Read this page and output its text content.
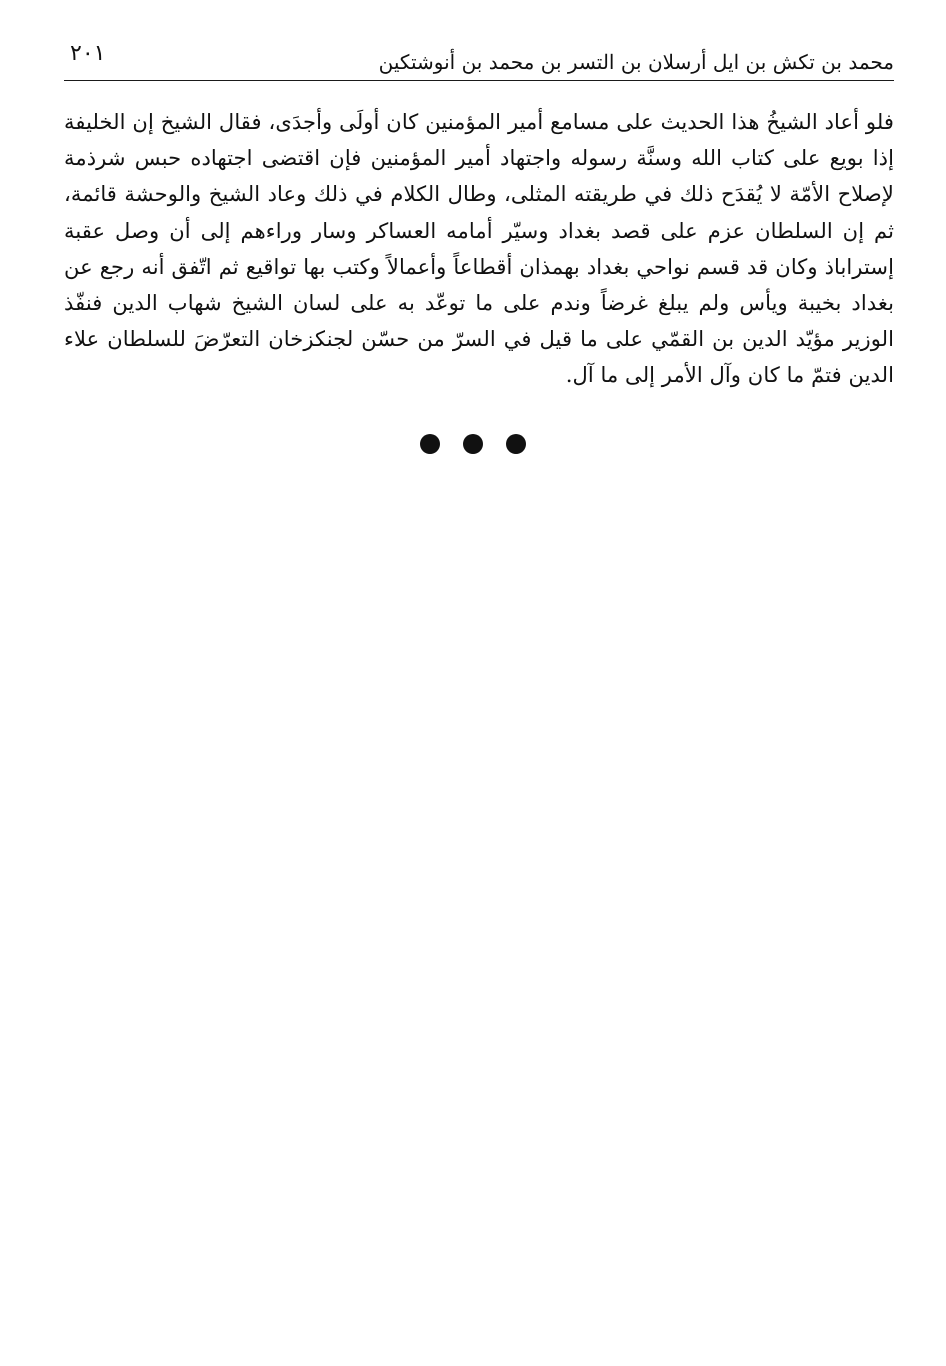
محمد بن تكش بن ايل أرسلان بن التسر بن محمد بن أنوشتكين
٢٠١

فلو أعاد الشيخُ هذا الحديث على مسامع أمير المؤمنين كان أولَى وأجدَى، فقال الشيخ إن الخليفة إذا بويع على كتاب الله وسنَّة رسوله واجتهاد أمير المؤمنين فإن اقتضى اجتهاده حبس شرذمة لإصلاح الأمّة لا يُقدَح ذلك في طريقته المثلى، وطال الكلام في ذلك وعاد الشيخ والوحشة قائمة، ثم إن السلطان عزم على قصد بغداد وسيّر أمامه العساكر وسار وراءهم إلى أن وصل عقبة إستراباذ وكان قد قسم نواحي بغداد بهمذان أقطاعاً وأعمالاً وكتب بها تواقيع ثم اتّفق أنه رجع عن بغداد بخيبة ويأس ولم يبلغ غرضاً وندم على ما توعّد به على لسان الشيخ شهاب الدين فنفّذ الوزير مؤيّد الدين بن القمّي على ما قيل في السرّ من حسّن لجنكزخان التعرّضَ للسلطان علاء الدين فتمّ ما كان وآل الأمر إلى ما آل.
